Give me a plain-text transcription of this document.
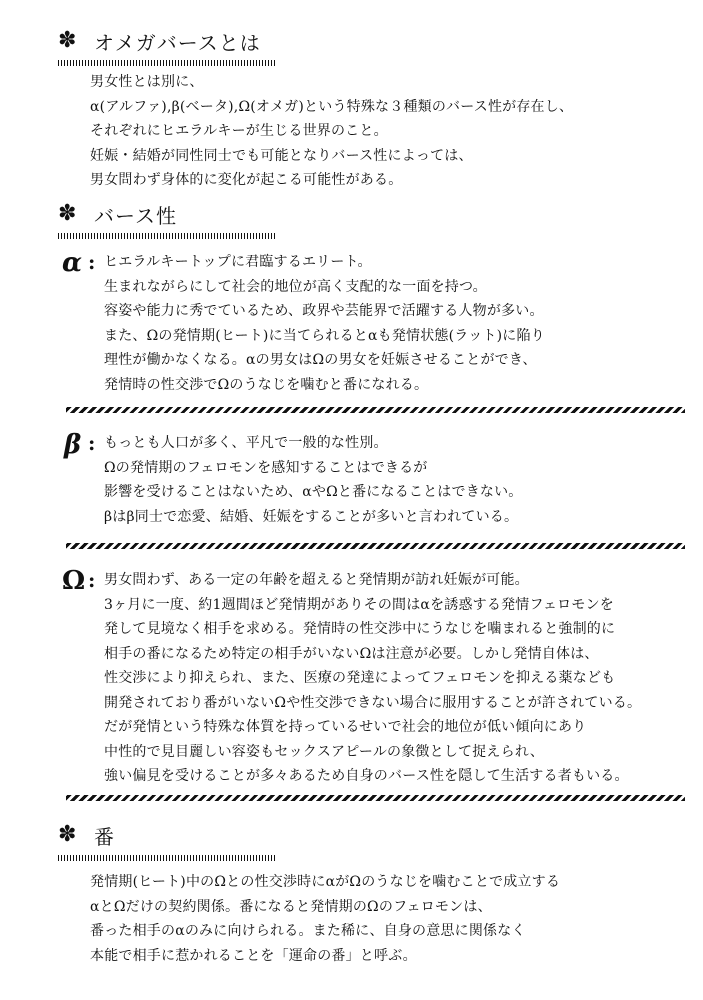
✽ オメガバースとは
男女性とは別に、
α(アルファ),β(ベータ),Ω(オメガ)という特殊な３種類のバース性が存在し、
それぞれにヒエラルキーが生じる世界のこと。
妊娠・結婚が同性同士でも可能となりバース性によっては、
男女問わず身体的に変化が起こる可能性がある。
✽ バース性
α : ヒエラルキートップに君臨するエリート。
生まれながらにして社会的地位が高く支配的な一面を持つ。
容姿や能力に秀でているため、政界や芸能界で活躍する人物が多い。
また、Ωの発情期(ヒート)に当てられるとαも発情状態(ラット)に陥り
理性が働かなくなる。αの男女はΩの男女を妊娠させることができ、
発情時の性交渉でΩのうなじを噛むと番になれる。
β : もっとも人口が多く、平凡で一般的な性別。
Ωの発情期のフェロモンを感知することはできるが
影響を受けることはないため、αやΩと番になることはできない。
βはβ同士で恋愛、結婚、妊娠をすることが多いと言われている。
Ω : 男女問わず、ある一定の年齢を超えると発情期が訪れ妊娠が可能。
3ヶ月に一度、約1週間ほど発情期がありその間はαを誘惑する発情フェロモンを
発して見境なく相手を求める。発情時の性交渉中にうなじを噛まれると強制的に
相手の番になるため特定の相手がいないΩは注意が必要。しかし発情自体は、
性交渉により抑えられ、また、医療の発達によってフェロモンを抑える薬なども
開発されており番がいないΩや性交渉できない場合に服用することが許されている。
だが発情という特殊な体質を持っているせいで社会的地位が低い傾向にあり
中性的で見目麗しい容姿もセックスアピールの象徴として捉えられ、
強い偏見を受けることが多々あるため自身のバース性を隠して生活する者もいる。
✽ 番
発情期(ヒート)中のΩとの性交渉時にαがΩのうなじを噛むことで成立する
αとΩだけの契約関係。番になると発情期のΩのフェロモンは、
番った相手のαのみに向けられる。また稀に、自身の意思に関係なく
本能で相手に惹かれることを「運命の番」と呼ぶ。
